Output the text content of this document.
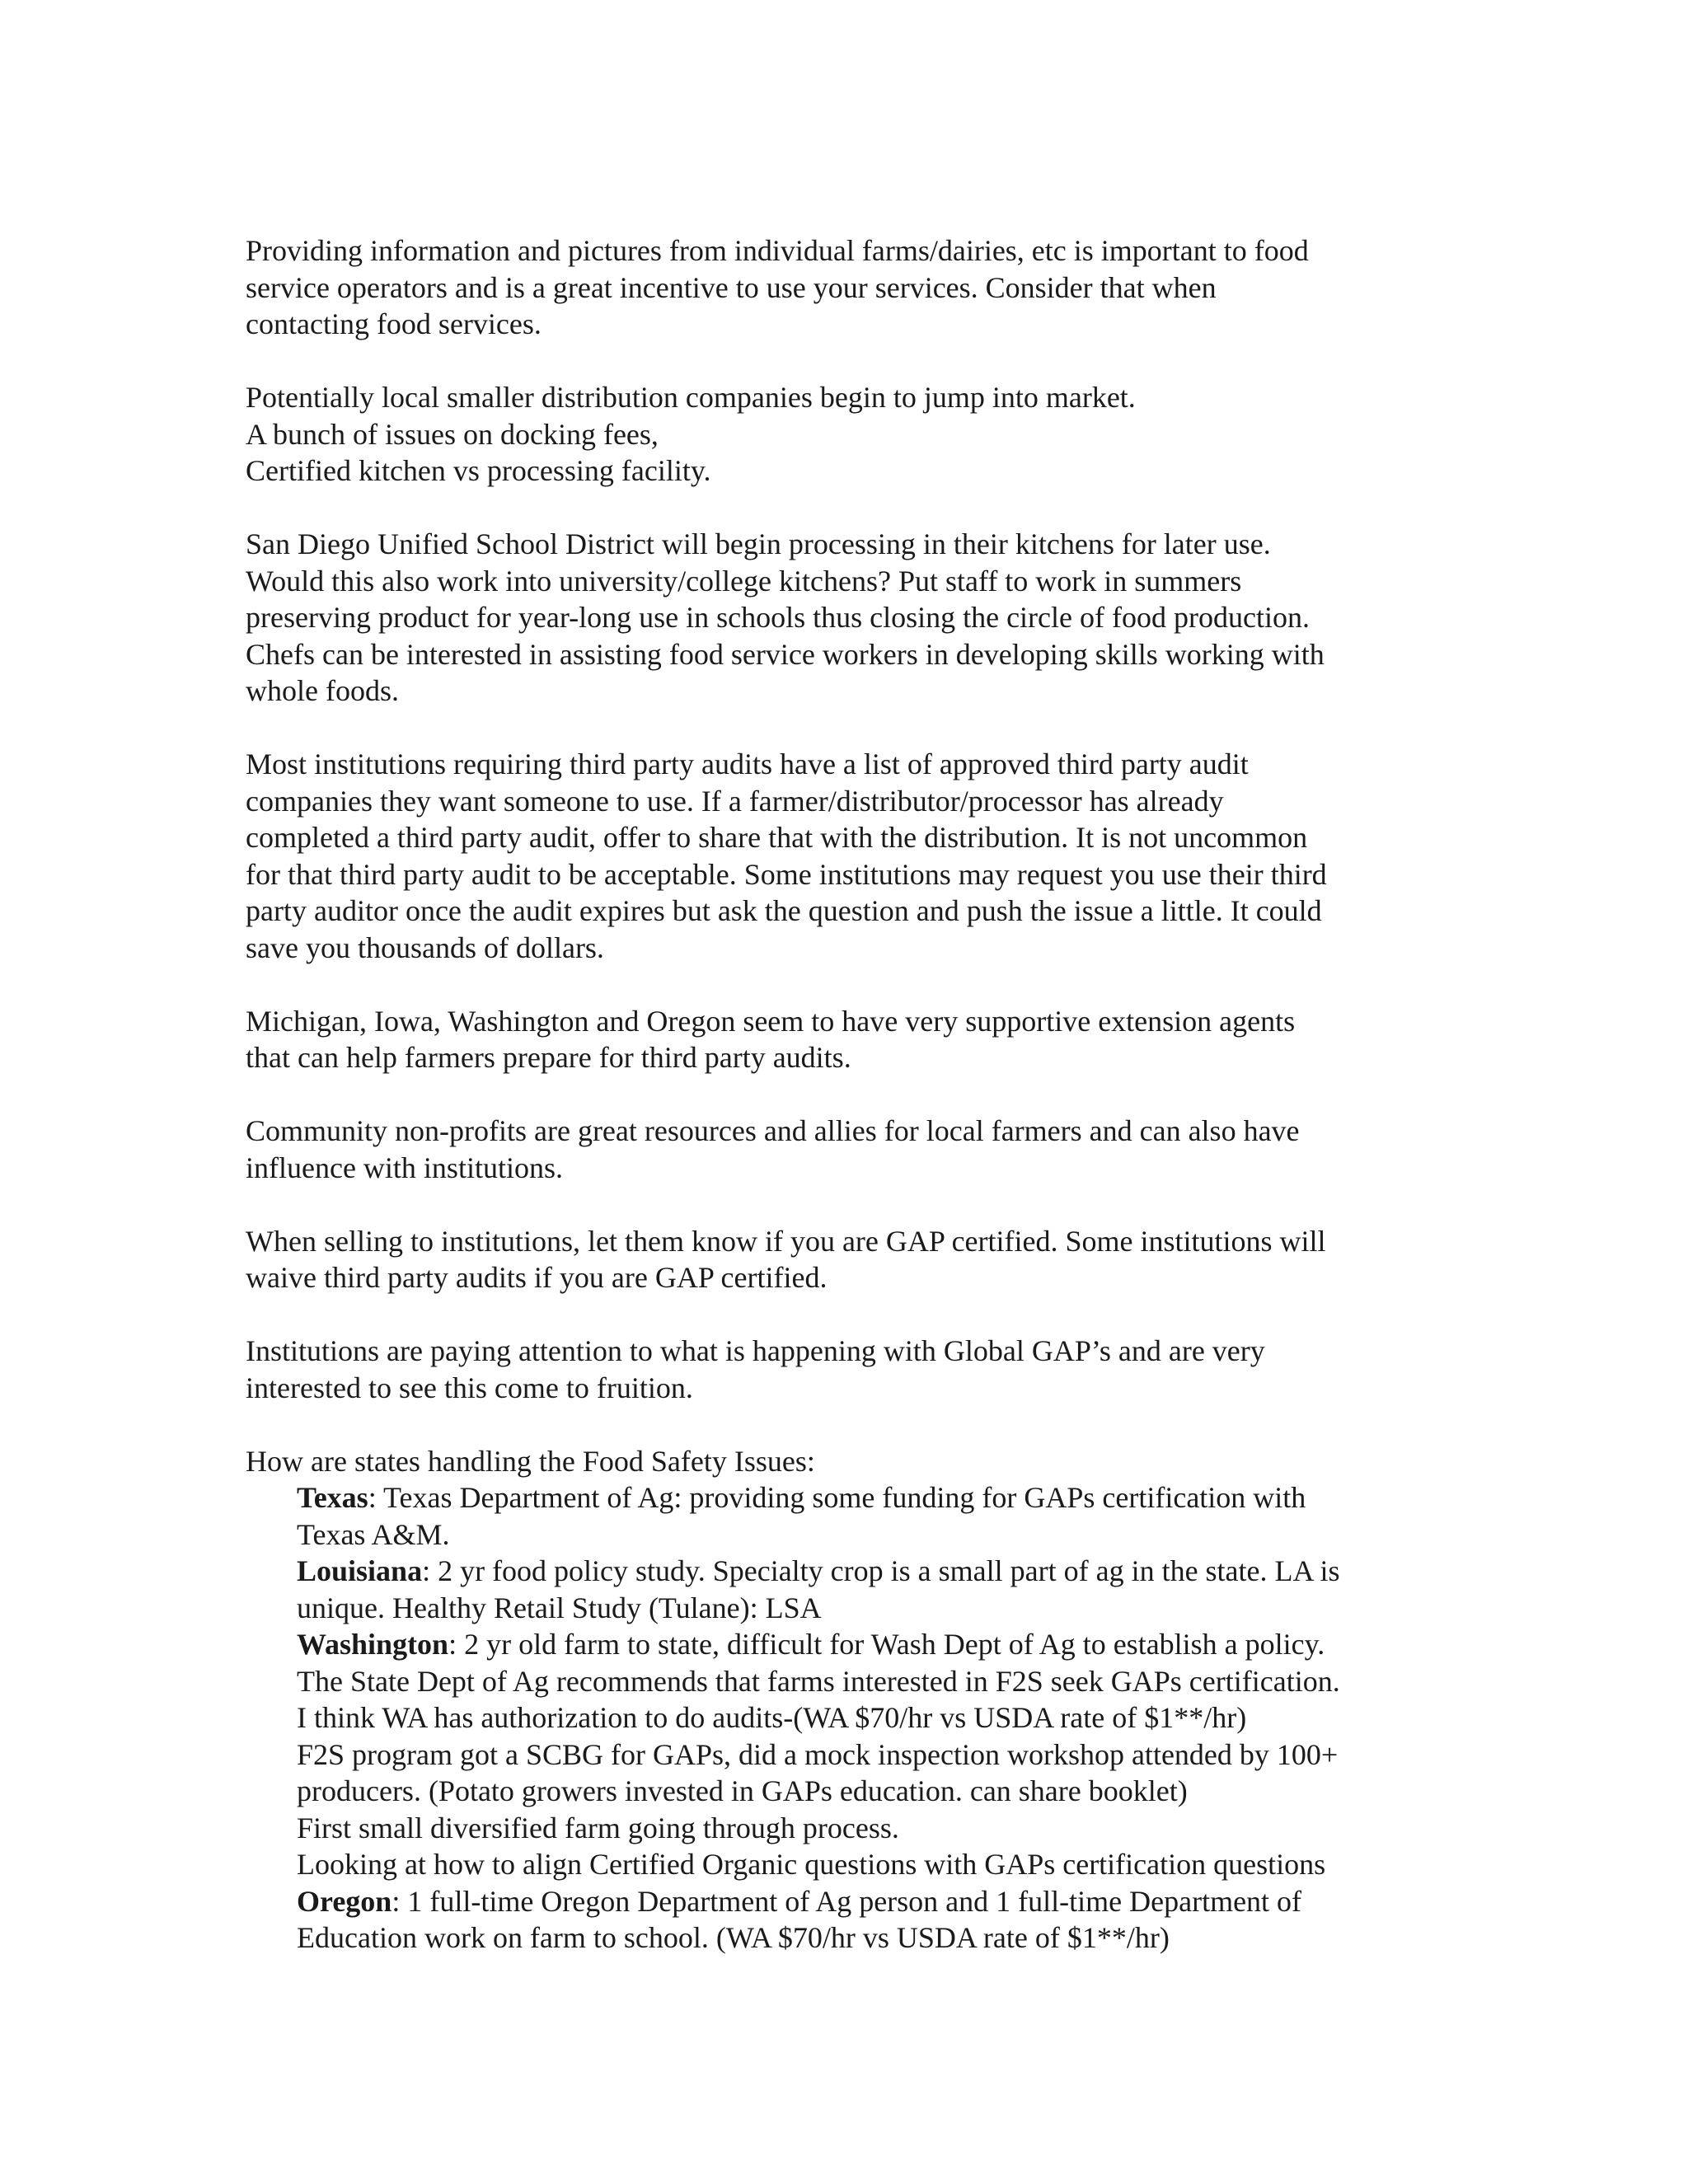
Providing information and pictures from individual farms/dairies, etc is important to food
service operators and is a great incentive to use your services. Consider that when
contacting food services.

Potentially local smaller distribution companies begin to jump into market.
A bunch of issues on docking fees,
Certified kitchen vs processing facility.

San Diego Unified School District will begin processing in their kitchens for later use.
Would this also work into university/college kitchens? Put staff to work in summers
preserving product for year-long use in schools thus closing the circle of food production.
Chefs can be interested in assisting food service workers in developing skills working with
whole foods.

Most institutions requiring third party audits have a list of approved third party audit
companies they want someone to use. If a farmer/distributor/processor has already
completed a third party audit, offer to share that with the distribution. It is not uncommon
for that third party audit to be acceptable. Some institutions may request you use their third
party auditor once the audit expires but ask the question and push the issue a little. It could
save you thousands of dollars.

Michigan, Iowa, Washington and Oregon seem to have very supportive extension agents
that can help farmers prepare for third party audits.

Community non-profits are great resources and allies for local farmers and can also have
influence with institutions.

When selling to institutions, let them know if you are GAP certified. Some institutions will
waive third party audits if you are GAP certified.

Institutions are paying attention to what is happening with Global GAP’s and are very
interested to see this come to fruition.

How are states handling the Food Safety Issues:
Texas: Texas Department of Ag: providing some funding for GAPs certification with
Texas A&M.
Louisiana: 2 yr food policy study. Specialty crop is a small part of ag in the state. LA is
unique. Healthy Retail Study (Tulane): LSA
Washington: 2 yr old farm to state, difficult for Wash Dept of Ag to establish a policy.
The State Dept of Ag recommends that farms interested in F2S seek GAPs certification.
I think WA has authorization to do audits-(WA $70/hr vs USDA rate of $1**/hr)
F2S program got a SCBG for GAPs, did a mock inspection workshop attended by 100+
producers. (Potato growers invested in GAPs education. can share booklet)
First small diversified farm going through process.
Looking at how to align Certified Organic questions with GAPs certification questions
Oregon: 1 full-time Oregon Department of Ag person and 1 full-time Department of
Education work on farm to school. (WA $70/hr vs USDA rate of $1**/hr)
